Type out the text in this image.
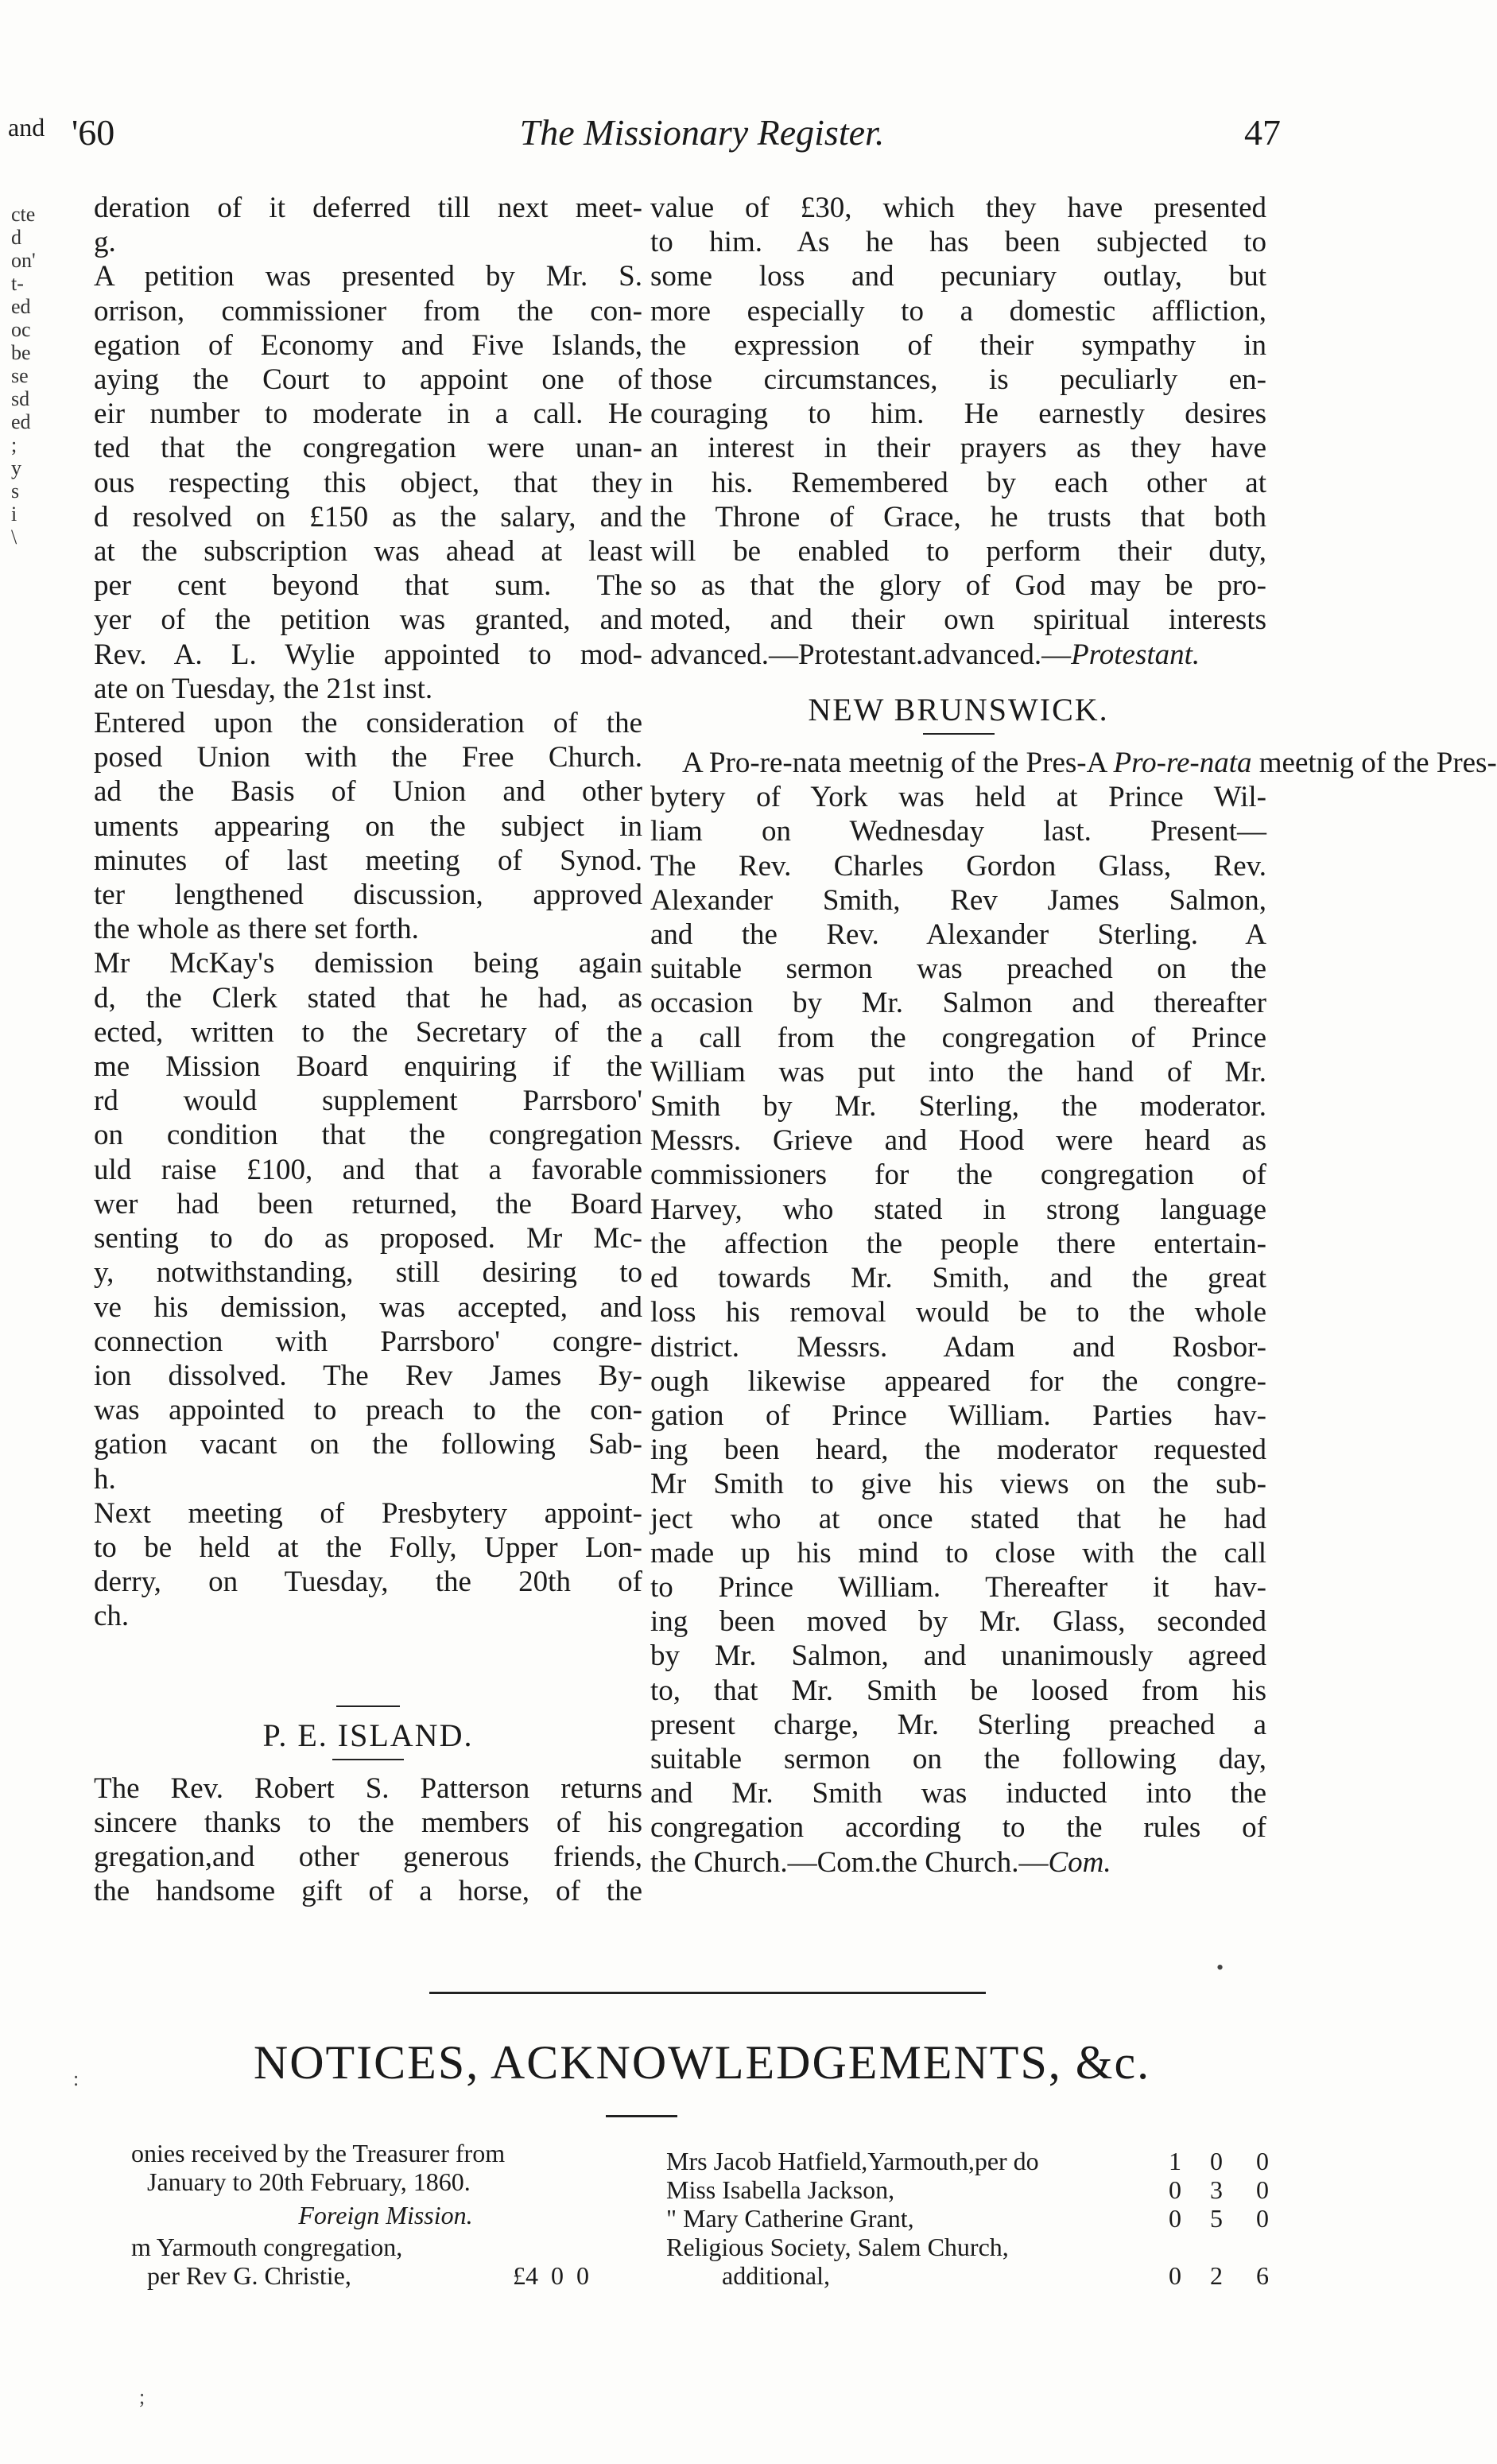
and '60	The Missionary Register.	47
cte
d
on'
t-
ed
oc
be
se
sd
ed
;
y
s
i
\

deration of it deferred till next meet-
g.

A petition was presented by Mr. S.
orrison, commissioner from the con-
egation of Economy and Five Islands,
aying the Court to appoint one of
eir number to moderate in a call. He
ted that the congregation were unan-
ous respecting this object, that they
d resolved on £150 as the salary, and
at the subscription was ahead at least
per cent beyond that sum. The
yer of the petition was granted, and
Rev. A. L. Wylie appointed to mod-
ate on Tuesday, the 21st inst.

Entered upon the consideration of the
posed Union with the Free Church.
ad the Basis of Union and other
uments appearing on the subject in
minutes of last meeting of Synod.
ter lengthened discussion, approved
the whole as there set forth.

Mr McKay's demission being again
d, the Clerk stated that he had, as
ected, written to the Secretary of the
me Mission Board enquiring if the
rd would supplement Parrsboro'
on condition that the congregation
uld raise £100, and that a favorable
wer had been returned, the Board
senting to do as proposed. Mr Mc-
y, notwithstanding, still desiring to
ve his demission, was accepted, and
connection with Parrsboro' congre-
ion dissolved. The Rev James By-
was appointed to preach to the con-
gation vacant on the following Sab-
h.

Next meeting of Presbytery appoint-
to be held at the Folly, Upper Lon-
derry, on Tuesday, the 20th of
ch.

P. E. ISLAND.
The Rev. Robert S. Patterson returns
sincere thanks to the members of his
gregation,and other generous friends,
the handsome gift of a horse, of the
value of £30, which they have presented
to him. As he has been subjected to
some loss and pecuniary outlay, but
more especially to a domestic affliction,
the expression of their sympathy in
those circumstances, is peculiarly en-
couraging to him. He earnestly desires
an interest in their prayers as they have
in his. Remembered by each other at
the Throne of Grace, he trusts that both
will be enabled to perform their duty,
so as that the glory of God may be pro-
moted, and their own spiritual interests
advanced.—Protestant.advanced.—Protestant.
NEW BRUNSWICK.
A Pro-re-nata meetnig of the Pres-A Pro-re-nata meetnig of the Pres-
bytery of York was held at Prince Wil-
liam on Wednesday last. Present—
The Rev. Charles Gordon Glass, Rev.
Alexander Smith, Rev James Salmon,
and the Rev. Alexander Sterling. A
suitable sermon was preached on the
occasion by Mr. Salmon and thereafter
a call from the congregation of Prince
William was put into the hand of Mr.
Smith by Mr. Sterling, the moderator.
Messrs. Grieve and Hood were heard as
commissioners for the congregation of
Harvey, who stated in strong language
the affection the people there entertain-
ed towards Mr. Smith, and the great
loss his removal would be to the whole
district. Messrs. Adam and Rosbor-
ough likewise appeared for the congre-
gation of Prince William. Parties hav-
ing been heard, the moderator requested
Mr Smith to give his views on the sub-
ject who at once stated that he had
made up his mind to close with the call
to Prince William. Thereafter it hav-
ing been moved by Mr. Glass, seconded
by Mr. Salmon, and unanimously agreed
to, that Mr. Smith be loosed from his
present charge, Mr. Sterling preached a
suitable sermon on the following day,
and Mr. Smith was inducted into the
congregation according to the rules of
the Church.—Com.the Church.—Com.
NOTICES, ACKNOWLEDGEMENTS, &c.
onies received by the Treasurer from
January to 20th February, 1860.
Foreign Mission.
m Yarmouth congregation,
per Rev G. Christie,	£4  0  0
Mrs Jacob Hatfield,Yarmouth,per do	1 0 0
Miss Isabella Jackson,	0 3 0
" Mary Catherine Grant,	0 5 0
Religious Society, Salem Church,
additional,	0 2 6
•
:
;
